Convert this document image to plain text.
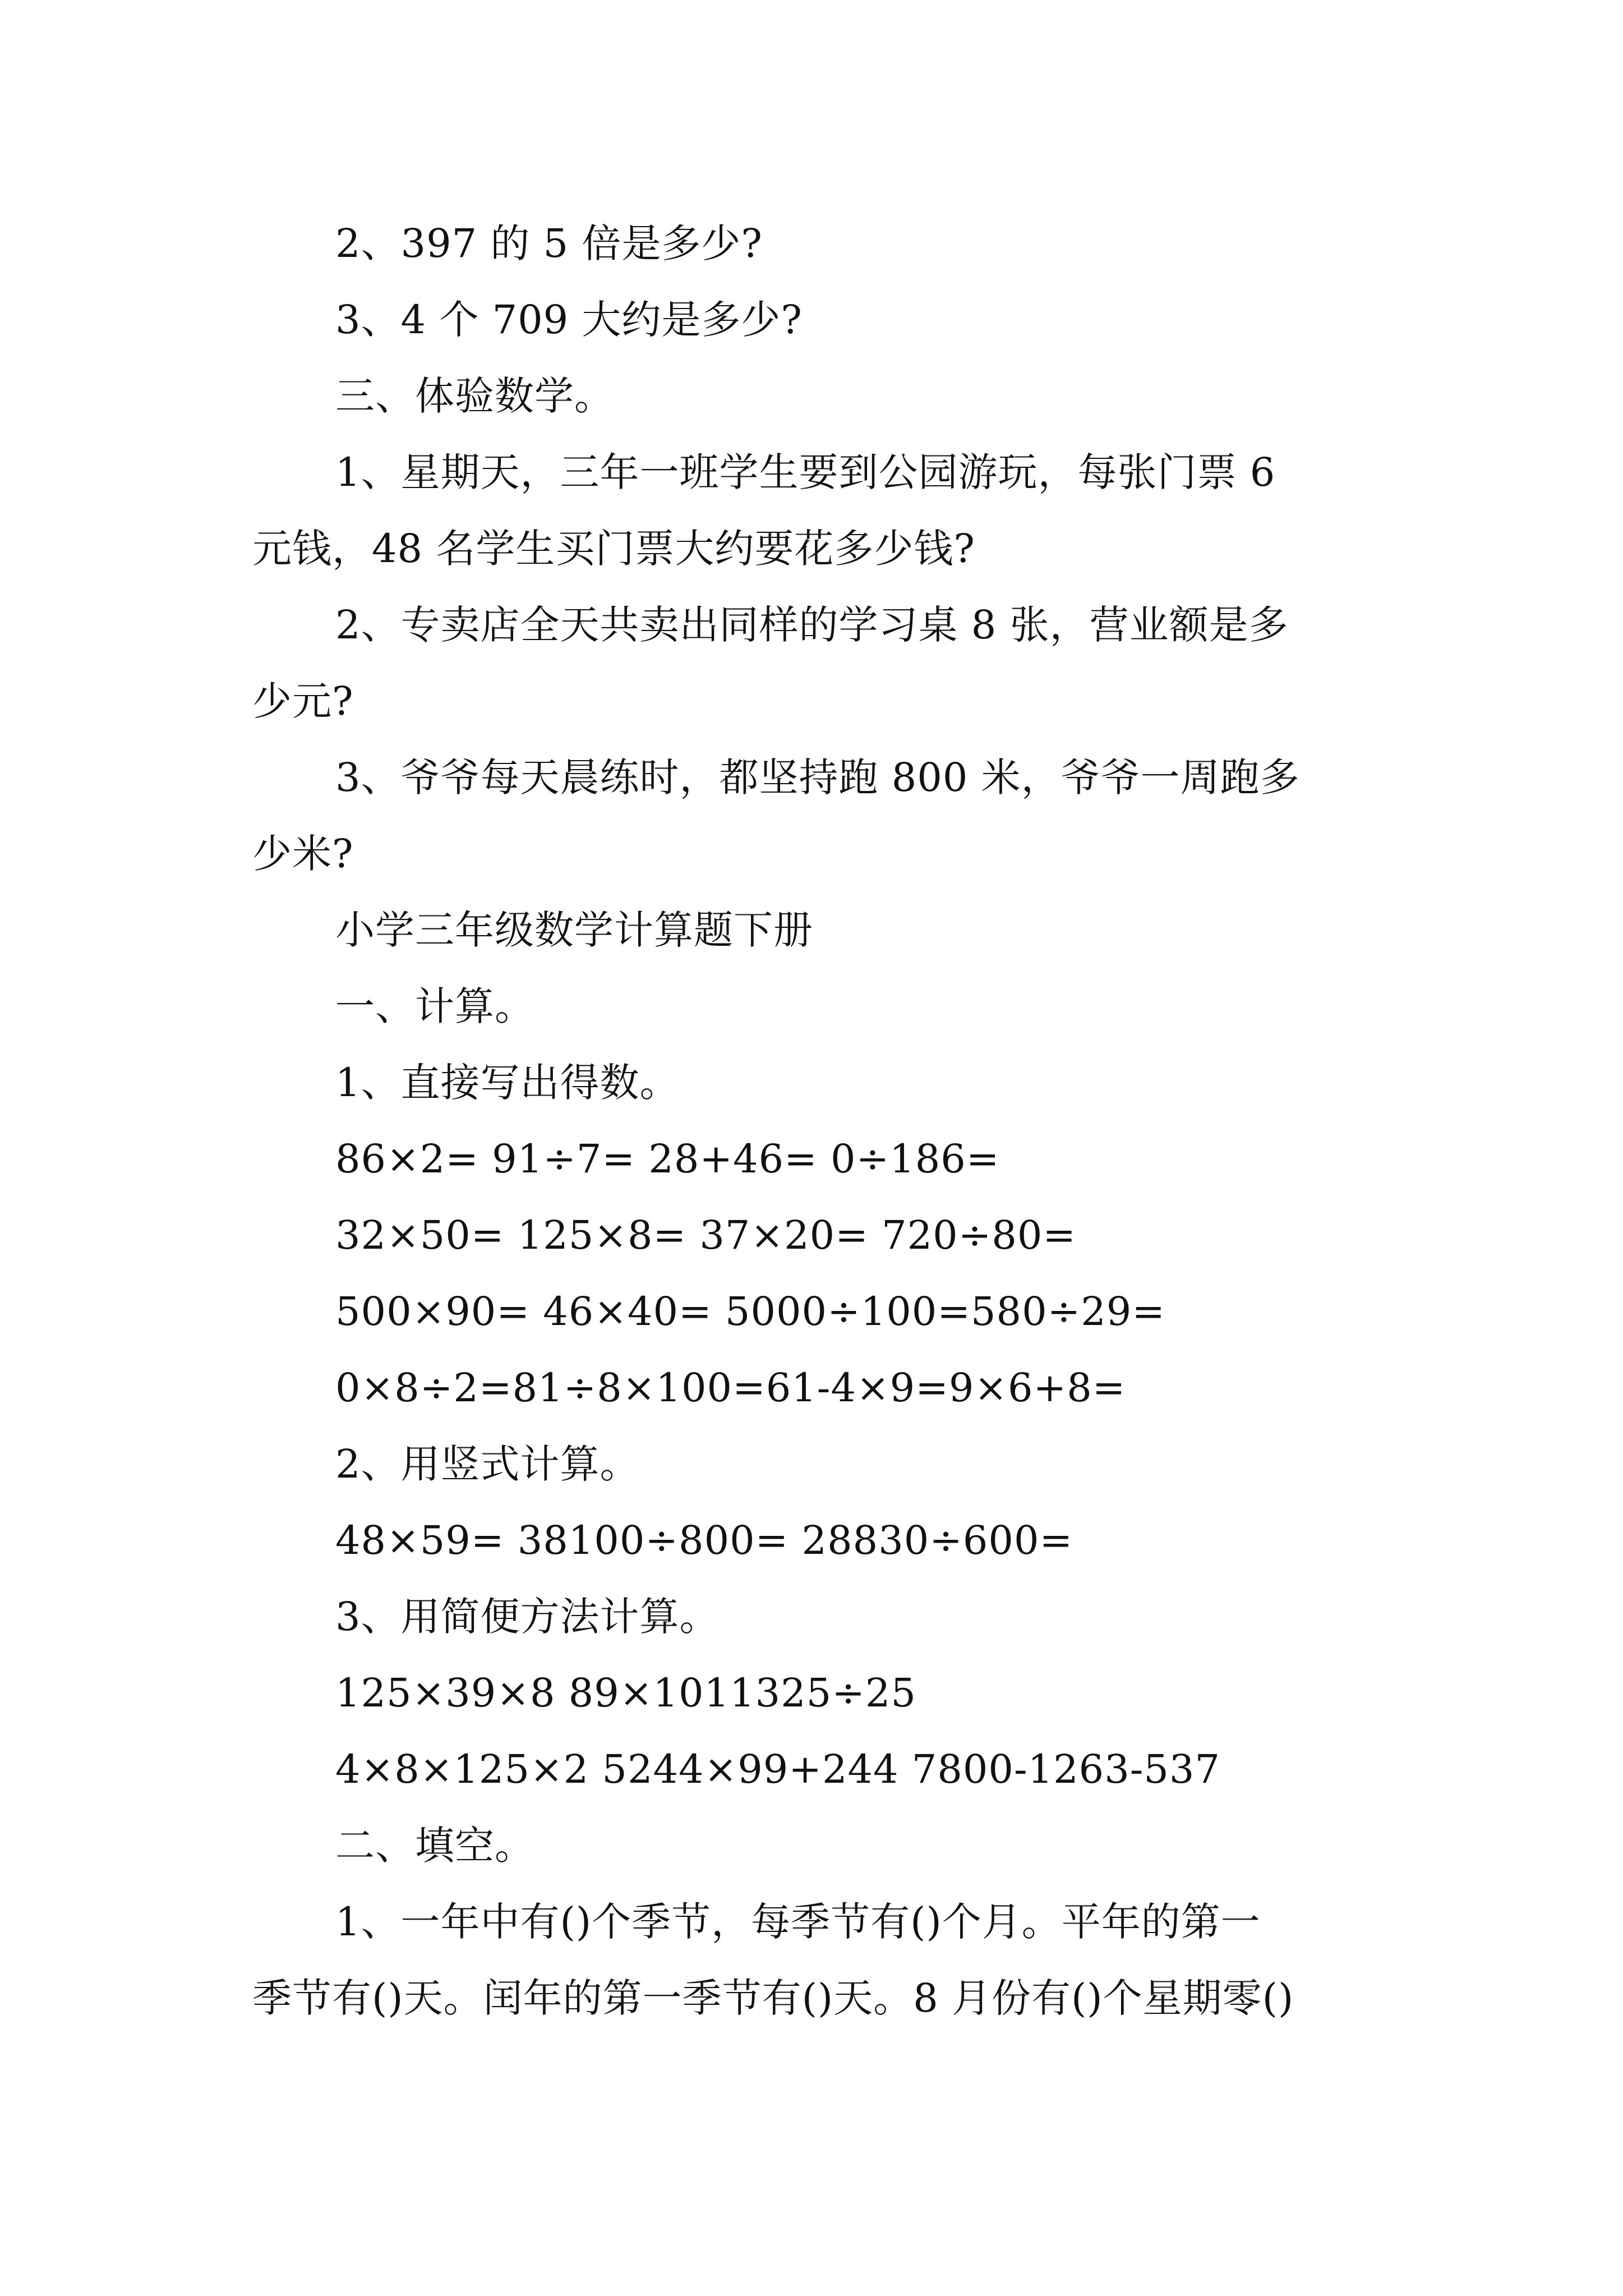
2、397 的 5 倍是多少?
3、4 个 709 大约是多少?
三、体验数学。
1、星期天，三年一班学生要到公园游玩，每张门票 6
元钱，48 名学生买门票大约要花多少钱?
2、专卖店全天共卖出同样的学习桌 8 张，营业额是多
少元?
3、爷爷每天晨练时，都坚持跑 800 米，爷爷一周跑多
少米?
小学三年级数学计算题下册
一、计算。
1、直接写出得数。
86×2= 91÷7= 28+46= 0÷186=
32×50= 125×8= 37×20= 720÷80=
500×90= 46×40= 5000÷100=580÷29=
0×8÷2=81÷8×100=61-4×9=9×6+8=
2、用竖式计算。
48×59= 38100÷800= 28830÷600=
3、用简便方法计算。
125×39×8 89×1011325÷25
4×8×125×2 5244×99+244 7800-1263-537
二、填空。
1、一年中有()个季节，每季节有()个月。平年的第一
季节有()天。闰年的第一季节有()天。8 月份有()个星期零()
